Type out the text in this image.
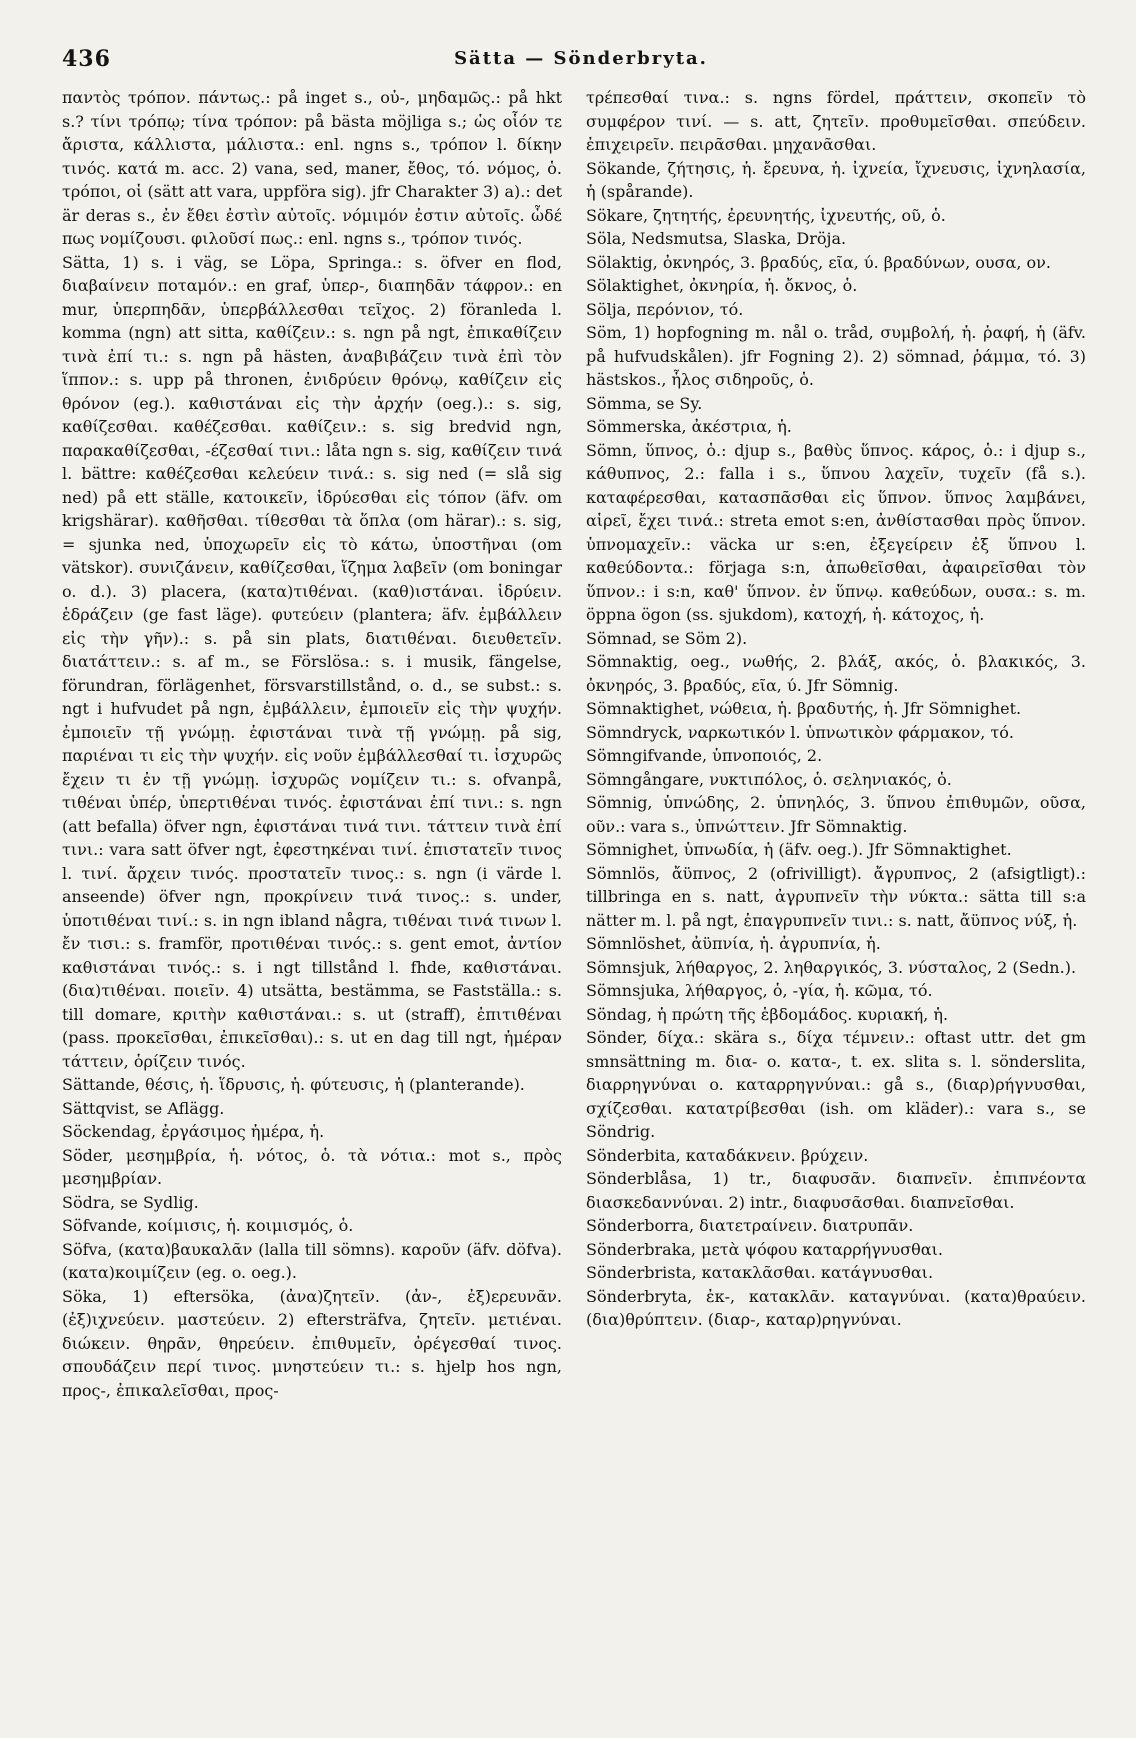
436	Sätta — Sönderbryta.

παντὸς τρόπον. πάντως.: på inget s., οὐ-, μηδαμῶς.: på hkt s.? τίνι τρόπῳ; τίνα τρόπον: på bästa möjliga s.; ὡς οἷόν τε ἄριστα, κάλλιστα, μάλιστα.: enl. ngns s., τρόπον l. δίκην τινός. κατά m. acc. 2) vana, sed, maner, ἔθος, τό. νόμος, ὁ. τρόποι, οἱ (sätt att vara, uppföra sig). jfr Charakter 3) a).: det är deras s., ἐν ἔθει ἐστὶν αὐτοῖς. νόμιμόν ἐστιν αὐτοῖς. ὧδέ πως νομίζουσι. φιλοῦσί πως.: enl. ngns s., τρόπον τινός.

Sätta, 1) s. i väg, se Löpa, Springa.: s. öfver en flod, διαβαίνειν ποταμόν.: en graf, ὑπερ-, διαπηδᾶν τάφρον.: en mur, ὑπερπηδᾶν, ὑπερβάλλεσθαι τεῖχος. 2) föranleda l. komma (ngn) att sitta, καθίζειν.: s. ngn på ngt, ἐπικαθίζειν τινὰ ἐπί τι.: s. ngn på hästen, ἀναβιβάζειν τινὰ ἐπὶ τὸν ἵππον.: s. upp på thronen, ἐνιδρύειν θρόνῳ, καθίζειν εἰς θρόνον (eg.). καθιστάναι εἰς τὴν ἀρχήν (oeg.).: s. sig, καθίζεσθαι. καθέζεσθαι. καθίζειν.: s. sig bredvid ngn, παρακαθίζεσθαι, -έζεσθαί τινι.: låta ngn s. sig, καθίζειν τινά l. bättre: καθέζεσθαι κελεύειν τινά.: s. sig ned (= slå sig ned) på ett ställe, κατοικεῖν, ἱδρύεσθαι εἰς τόπον (äfv. om krigshärar). καθῆσθαι. τίθεσθαι τὰ ὅπλα (om härar).: s. sig, = sjunka ned, ὑποχωρεῖν εἰς τὸ κάτω, ὑποστῆναι (om vätskor). συνιζάνειν, καθίζεσθαι, ἵζημα λαβεῖν (om boningar o. d.). 3) placera, (κατα)τιθέναι. (καθ)ιστάναι. ἱδρύειν. ἑδράζειν (ge fast läge). φυτεύειν (plantera; äfv. ἐμβάλλειν εἰς τὴν γῆν).: s. på sin plats, διατιθέναι. διευθετεῖν. διατάττειν.: s. af m., se Förslösa.: s. i musik, fängelse, förundran, förlägenhet, försvarstillstånd, o. d., se subst.: s. ngt i hufvudet på ngn, ἐμβάλλειν, ἐμποιεῖν εἰς τὴν ψυχήν. ἐμποιεῖν τῇ γνώμῃ. ἐφιστάναι τινὰ τῇ γνώμῃ. på sig, παριέναι τι εἰς τὴν ψυχήν. εἰς νοῦν ἐμβάλλεσθαί τι. ἰσχυρῶς ἔχειν τι ἐν τῇ γνώμῃ. ἰσχυρῶς νομίζειν τι.: s. ofvanpå, τιθέναι ὑπέρ, ὑπερτιθέναι τινός. ἐφιστάναι ἐπί τινι.: s. ngn (att befalla) öfver ngn, ἐφιστάναι τινά τινι. τάττειν τινὰ ἐπί τινι.: vara satt öfver ngt, ἐφεστηκέναι τινί. ἐπιστατεῖν τινος l. τινί. ἄρχειν τινός. προστατεῖν τινος.: s. ngn (i värde l. anseende) öfver ngn, προκρίνειν τινά τινος.: s. under, ὑποτιθέναι τινί.: s. in ngn ibland några, τιθέναι τινά τινων l. ἔν τισι.: s. framför, προτιθέναι τινός.: s. gent emot, ἀντίον καθιστάναι τινός.: s. i ngt tillstånd l. fhde, καθιστάναι. (δια)τιθέναι. ποιεῖν. 4) utsätta, bestämma, se Fastställa.: s. till domare, κριτὴν καθιστάναι.: s. ut (straff), ἐπιτιθέναι (pass. προκεῖσθαι, ἐπικεῖσθαι).: s. ut en dag till ngt, ἡμέραν τάττειν, ὁρίζειν τινός.

Sättande, θέσις, ἡ. ἵδρυσις, ἡ. φύτευσις, ἡ (planterande).

Sättqvist, se Aflägg.

Söckendag, ἐργάσιμος ἡμέρα, ἡ.

Söder, μεσημβρία, ἡ. νότος, ὁ. τὰ νότια.: mot s., πρὸς μεσημβρίαν.

Södra, se Sydlig.

Söfvande, κοίμισις, ἡ. κοιμισμός, ὁ.

Söfva, (κατα)βαυκαλᾶν (lalla till sömns). καρoῦν (äfv. döfva). (κατα)κοιμίζειν (eg. o. oeg.).

Söka, 1) eftersöka, (ἀνα)ζητεῖν. (ἀν-, ἐξ)ερευνᾶν. (ἐξ)ιχνεύειν. μαστεύειν. 2) eftersträfva, ζητεῖν. μετιέναι. διώκειν. θηρᾶν, θηρεύειν. ἐπιθυμεῖν, ὀρέγεσθαί τινος. σπουδάζειν περί τινος. μνηστεύειν τι.: s. hjelp hos ngn, προς-, ἐπικαλεῖσθαι, προς-

τρέπεσθαί τινα.: s. ngns fördel, πράττειν, σκοπεῖν τὸ συμφέρον τινί. — s. att, ζητεῖν. προθυμεῖσθαι. σπεύδειν. ἐπιχειρεῖν. πειρᾶσθαι. μηχανᾶσθαι.

Sökande, ζήτησις, ἡ. ἔρευνα, ἡ. ἰχνεία, ἴχνευσις, ἰχνηλασία, ἡ (spårande).

Sökare, ζητητής, ἐρευνητής, ἰχνευτής, οῦ, ὁ.

Söla, Nedsmutsa, Slaska, Dröja.

Sölaktig, ὀκνηρός, 3. βραδύς, εῖα, ύ. βραδύνων, ουσα, ον.

Sölaktighet, ὀκνηρία, ἡ. ὄκνος, ὁ.

Sölja, περόνιον, τό.

Söm, 1) hopfogning m. nål o. tråd, συμβολή, ἡ. ῥαφή, ἡ (äfv. på hufvudskålen). jfr Fogning 2). 2) sömnad, ῥάμμα, τό. 3) hästskos., ἧλος σιδηροῦς, ὁ.

Sömma, se Sy.

Sömmerska, ἀκέστρια, ἡ.

Sömn, ὕπνος, ὁ.: djup s., βαθὺς ὕπνος. κάρος, ὁ.: i djup s., κάθυπνος, 2.: falla i s., ὕπνου λαχεῖν, τυχεῖν (få s.). καταφέρεσθαι, κατασπᾶσθαι εἰς ὕπνον. ὕπνος λαμβάνει, αἱρεῖ, ἔχει τινά.: streta emot s:en, ἀνθίστασθαι πρὸς ὕπνον. ὑπνομαχεῖν.: väcka ur s:en, ἐξεγείρειν ἐξ ὕπνου l. καθεύδοντα.: förjaga s:n, ἀπωθεῖσθαι, ἀφαιρεῖσθαι τὸν ὕπνον.: i s:n, καθ' ὕπνον. ἐν ὕπνῳ. καθεύδων, ουσα.: s. m. öppna ögon (ss. sjukdom), κατοχή, ἡ. κάτοχος, ἡ.

Sömnad, se Söm 2).

Sömnaktig, oeg., νωθής, 2. βλάξ, ακός, ὁ. βλακικός, 3. ὀκνηρός, 3. βραδύς, εῖα, ύ. Jfr Sömnig.

Sömnaktighet, νώθεια, ἡ. βραδυτής, ἡ. Jfr Sömnighet.

Sömndryck, ναρκωτικόν l. ὑπνωτικὸν φάρμακον, τό.

Sömngifvande, ὑπνοποιός, 2.

Sömngångare, νυκτιπόλος, ὁ. σεληνιακός, ὁ.

Sömnig, ὑπνώδης, 2. ὑπνηλός, 3. ὕπνου ἐπιθυμῶν, οῦσα, οῦν.: vara s., ὑπνώττειν. Jfr Sömnaktig.

Sömnighet, ὑπνωδία, ἡ (äfv. oeg.). Jfr Sömnaktighet.

Sömnlös, ἄϋπνος, 2 (ofrivilligt). ἄγρυπνος, 2 (afsigtligt).: tillbringa en s. natt, ἀγρυπνεῖν τὴν νύκτα.: sätta till s:a nätter m. l. på ngt, ἐπαγρυπνεῖν τινι.: s. natt, ἄϋπνος νύξ, ἡ.

Sömnlöshet, ἀϋπνία, ἡ. ἀγρυπνία, ἡ.

Sömnsjuk, λήθαργος, 2. ληθαργικός, 3. νύσταλος, 2 (Sedn.).

Sömnsjuka, λήθαργος, ὁ, -γία, ἡ. κῶμα, τό.

Söndag, ἡ πρώτη τῆς ἑβδομάδος. κυριακή, ἡ.

Sönder, δίχα.: skära s., δίχα τέμνειν.: oftast uttr. det gm smnsättning m. δια- o. κατα-, t. ex. slita s. l. sönderslita, διαρρηγνύναι o. καταρρηγνύναι.: gå s., (διαρ)ρήγνυσθαι, σχίζεσθαι. κατατρίβεσθαι (ish. om kläder).: vara s., se Söndrig.

Sönderbita, καταδάκνειν. βρύχειν.

Sönderblåsa, 1) tr., διαφυσᾶν. διαπνεῖν. ἐπιπνέοντα διασκεδαννύναι. 2) intr., διαφυσᾶσθαι. διαπνεῖσθαι.

Sönderborra, διατετραίνειν. διατρυπᾶν.

Sönderbraka, μετὰ ψόφου καταρρήγνυσθαι.

Sönderbrista, κατακλᾶσθαι. κατάγνυσθαι.

Sönderbryta, ἐκ-, κατακλᾶν. καταγνύναι. (κατα)θραύειν. (δια)θρύπτειν. (διαρ-, καταρ)ρηγνύναι.
